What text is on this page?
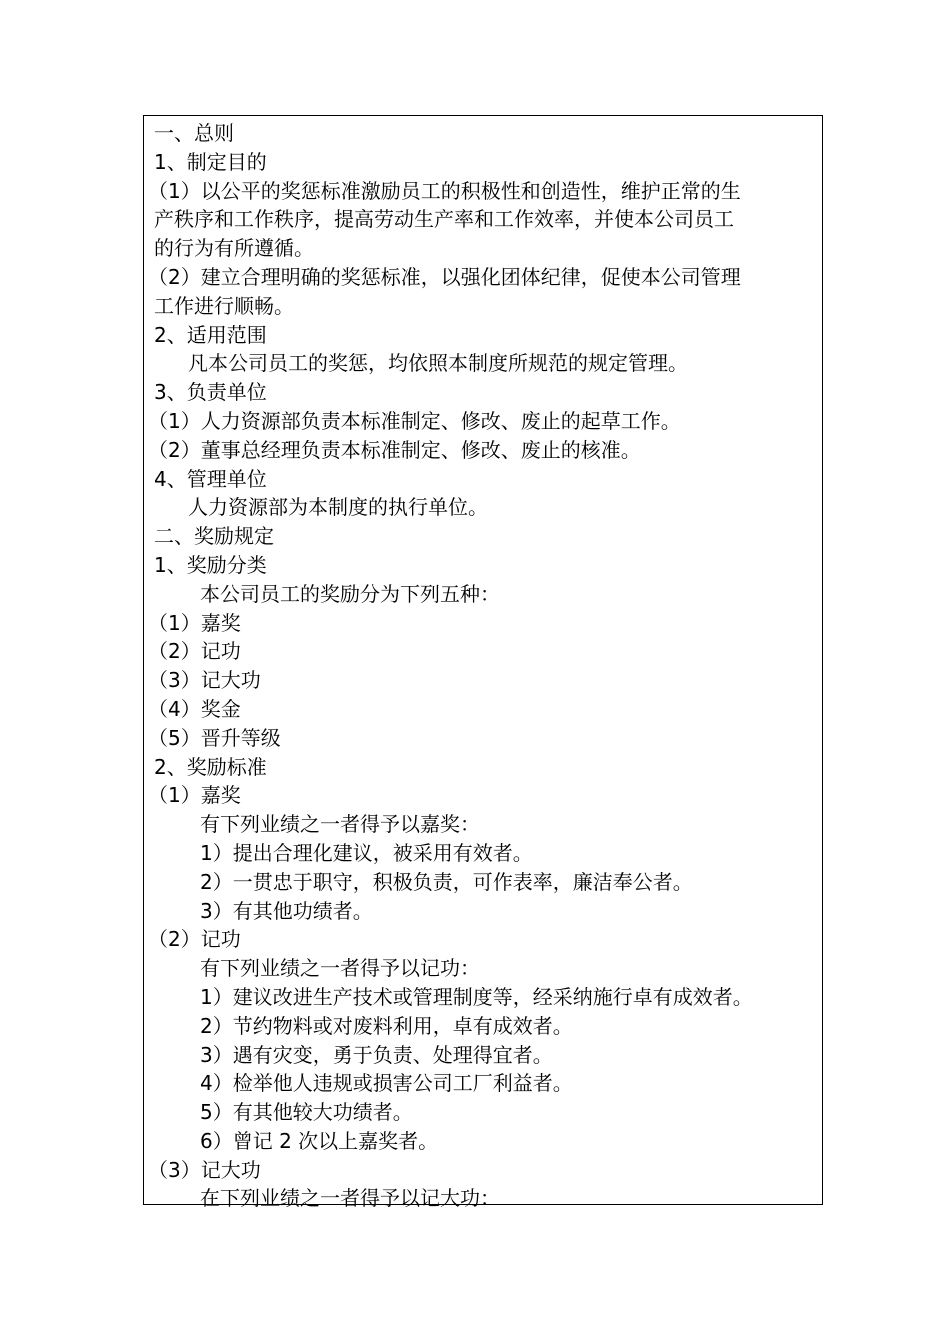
一、总则
1、制定目的
（1）以公平的奖惩标准激励员工的积极性和创造性，维护正常的生
产秩序和工作秩序，提高劳动生产率和工作效率，并使本公司员工
的行为有所遵循。
（2）建立合理明确的奖惩标准，以强化团体纪律，促使本公司管理
工作进行顺畅。
2、适用范围
凡本公司员工的奖惩，均依照本制度所规范的规定管理。
3、负责单位
（1）人力资源部负责本标准制定、修改、废止的起草工作。
（2）董事总经理负责本标准制定、修改、废止的核准。
4、管理单位
人力资源部为本制度的执行单位。
二、奖励规定
1、奖励分类
本公司员工的奖励分为下列五种：
（1）嘉奖
（2）记功
（3）记大功
（4）奖金
（5）晋升等级
2、奖励标准
（1）嘉奖
有下列业绩之一者得予以嘉奖：
1）提出合理化建议，被采用有效者。
2）一贯忠于职守，积极负责，可作表率，廉洁奉公者。
3）有其他功绩者。
（2）记功
有下列业绩之一者得予以记功：
1）建议改进生产技术或管理制度等，经采纳施行卓有成效者。
2）节约物料或对废料利用，卓有成效者。
3）遇有灾变，勇于负责、处理得宜者。
4）检举他人违规或损害公司工厂利益者。
5）有其他较大功绩者。
6）曾记 2 次以上嘉奖者。
（3）记大功
在下列业绩之一者得予以记大功：
